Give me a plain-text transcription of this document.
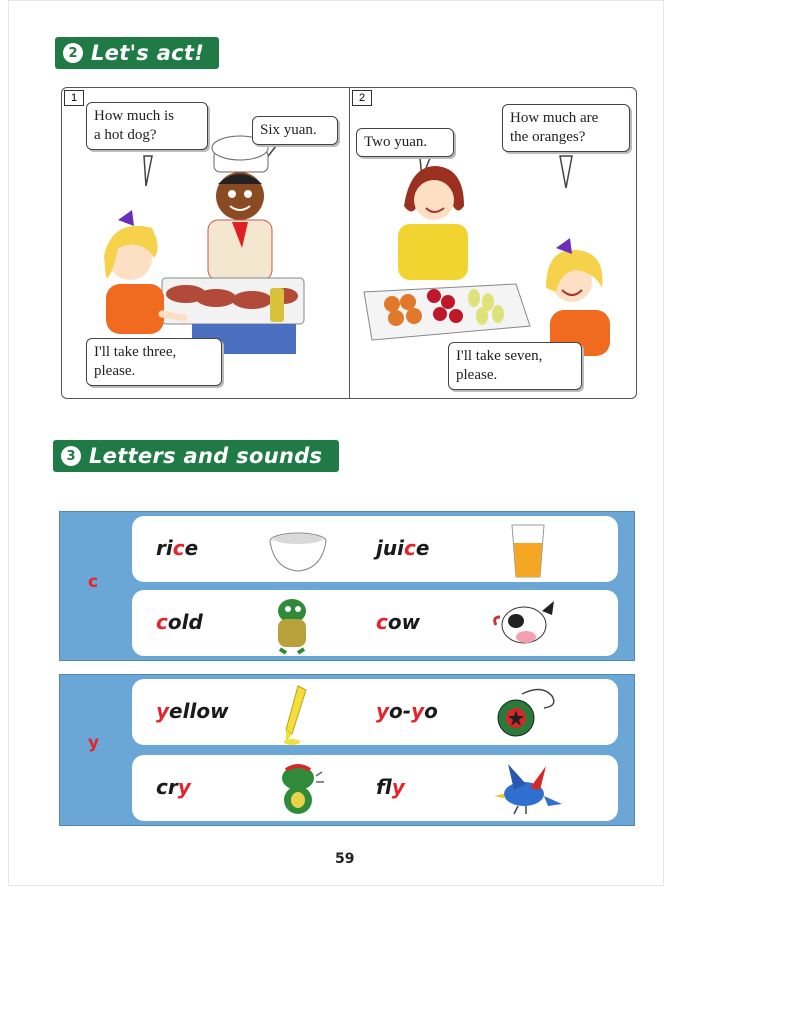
2 Let's act!
1
How much is
a hot dog?	Six yuan.
I'll take three,
please.
2
Two yuan.
How much are
the oranges?
I'll take seven,
please.
3 Letters and sounds
c
rice	juice
cold	cow
y
yellow	yo-yo
cry	fly
59
